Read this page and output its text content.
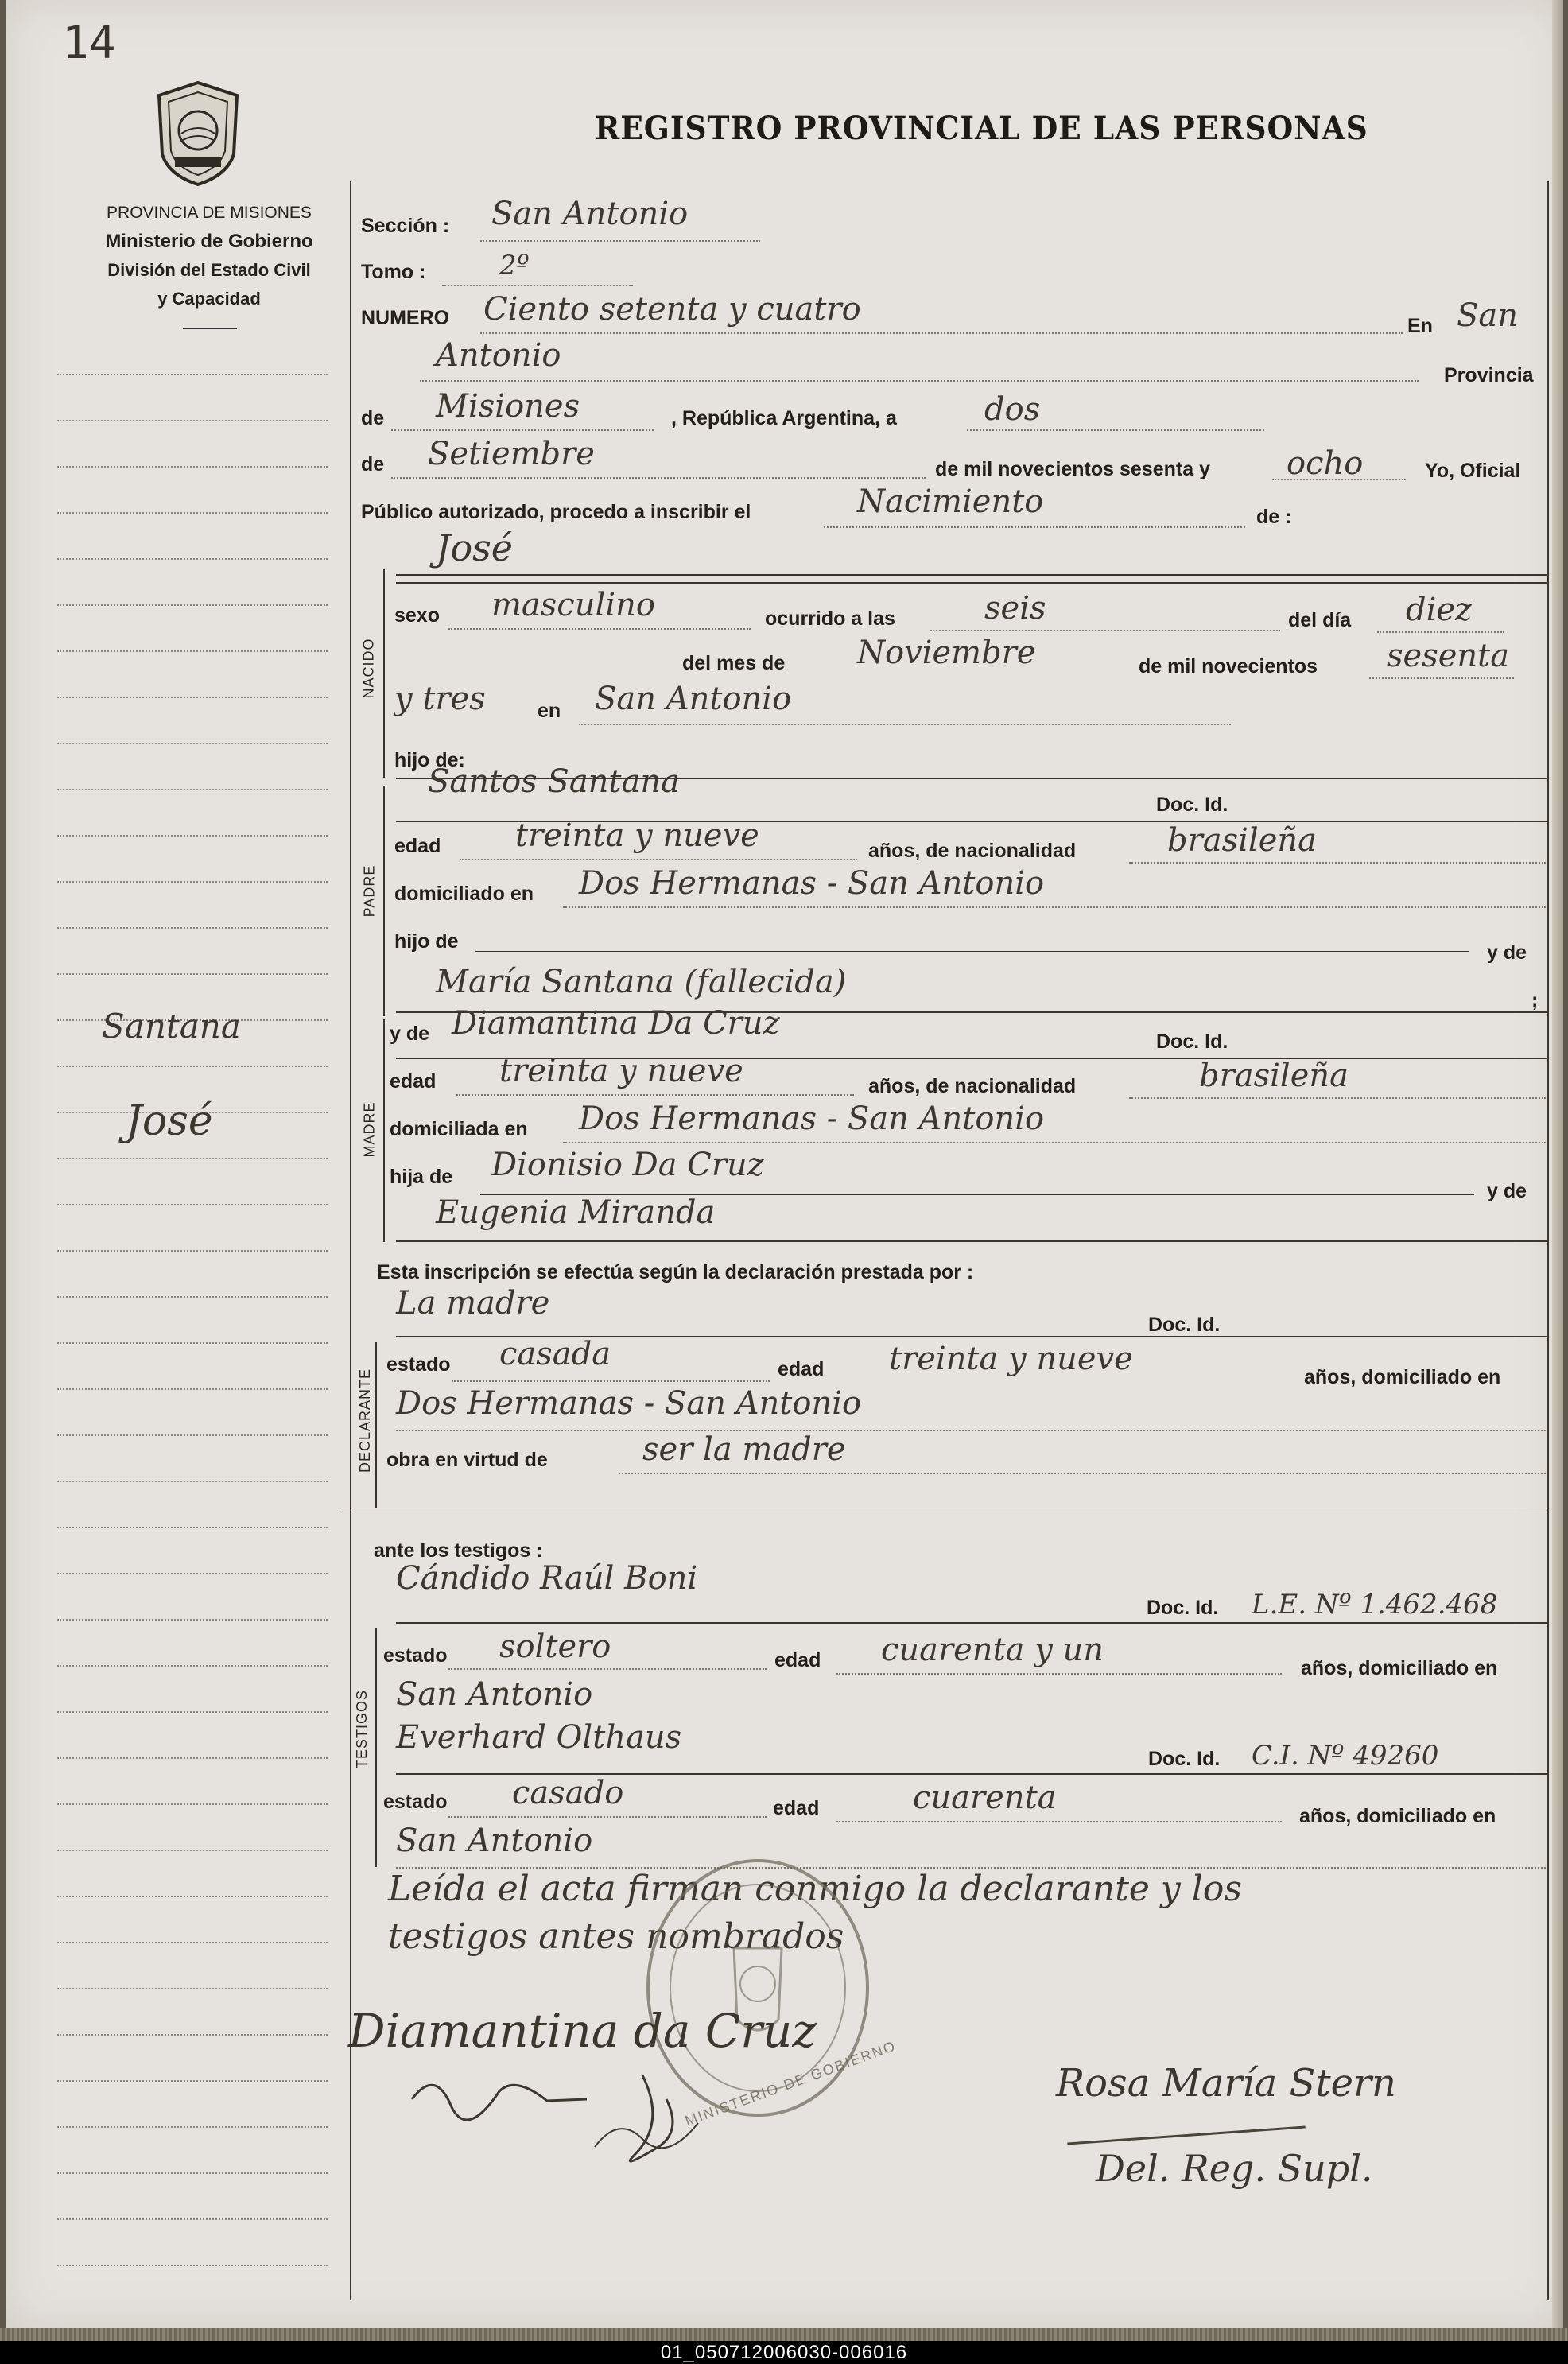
14
PROVINCIA DE MISIONES
Ministerio de Gobierno
División del Estado Civil
y Capacidad
REGISTRO PROVINCIAL DE LAS PERSONAS
Santana
José
Sección : San Antonio
Tomo :	2º
NUMERO Ciento setenta y cuatro	En San
Antonio
Provincia
de Misiones	, República Argentina, a	dos
de Setiembre	de mil novecientos sesenta y ocho	Yo, Oficial
Público autorizado, procedo a inscribir el	Nacimiento	de :
José
NACIDO
sexo masculino	ocurrido a las	seis	del día diez
del mes de Noviembre	de mil novecientos sesenta
y tres	en San Antonio
hijo de:
PADRE
Santos Santana
Doc. Id.
edad treinta y nueve	años, de nacionalidad	brasileña
domiciliado en Dos Hermanas - San Antonio
hijo de	y de
María Santana (fallecida)	;
MADRE
y de Diamantina Da Cruz	Doc. Id.
edad treinta y nueve	años, de nacionalidad	brasileña
domiciliada en Dos Hermanas - San Antonio
hija de Dionisio Da Cruz
y de
Eugenia Miranda
Esta inscripción se efectúa según la declaración prestada por :
La madre
Doc. Id.
DECLARANTE
estado casada	edad treinta y nueve	años, domiciliado en
Dos Hermanas - San Antonio
obra en virtud de	ser la madre
ante los testigos :
Cándido Raúl Boni
Doc. Id. L.E. Nº 1.462.468
TESTIGOS
estado soltero	edad cuarenta y un	años, domiciliado en
San Antonio
Everhard Olthaus
Doc. Id. C.I. Nº 49260
estado casado	edad	cuarenta	años, domiciliado en
San Antonio
Leída el acta firman conmigo la declarante y los
testigos antes nombrados
MINISTERIO DE GOBIERNO
Diamantina da Cruz
Rosa María Stern
Del. Reg. Supl.
01_050712006030-006016
